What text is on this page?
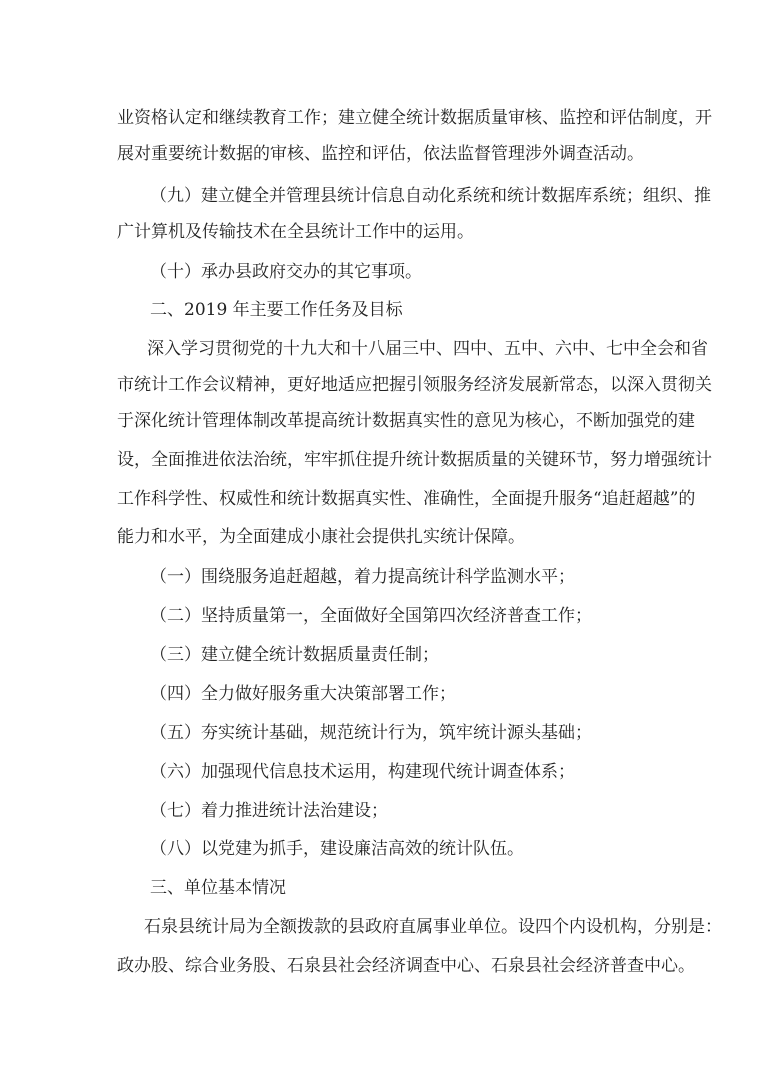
业资格认定和继续教育工作；建立健全统计数据质量审核、监控和评估制度，开
展对重要统计数据的审核、监控和评估，依法监督管理涉外调查活动。
（九）建立健全并管理县统计信息自动化系统和统计数据库系统；组织、推
广计算机及传输技术在全县统计工作中的运用。
（十）承办县政府交办的其它事项。
二、2019 年主要工作任务及目标
深入学习贯彻党的十九大和十八届三中、四中、五中、六中、七中全会和省
市统计工作会议精神，更好地适应把握引领服务经济发展新常态，以深入贯彻关
于深化统计管理体制改革提高统计数据真实性的意见为核心，不断加强党的建
设，全面推进依法治统，牢牢抓住提升统计数据质量的关键环节，努力增强统计
工作科学性、权威性和统计数据真实性、准确性，全面提升服务“追赶超越”的
能力和水平，为全面建成小康社会提供扎实统计保障。
（一）围绕服务追赶超越，着力提高统计科学监测水平；
（二）坚持质量第一，全面做好全国第四次经济普查工作；
（三）建立健全统计数据质量责任制；
（四）全力做好服务重大决策部署工作；
（五）夯实统计基础，规范统计行为，筑牢统计源头基础；
（六）加强现代信息技术运用，构建现代统计调查体系；
（七）着力推进统计法治建设；
（八）以党建为抓手，建设廉洁高效的统计队伍。
三、单位基本情况
石泉县统计局为全额拨款的县政府直属事业单位。设四个内设机构，分别是：
政办股、综合业务股、石泉县社会经济调查中心、石泉县社会经济普查中心。
